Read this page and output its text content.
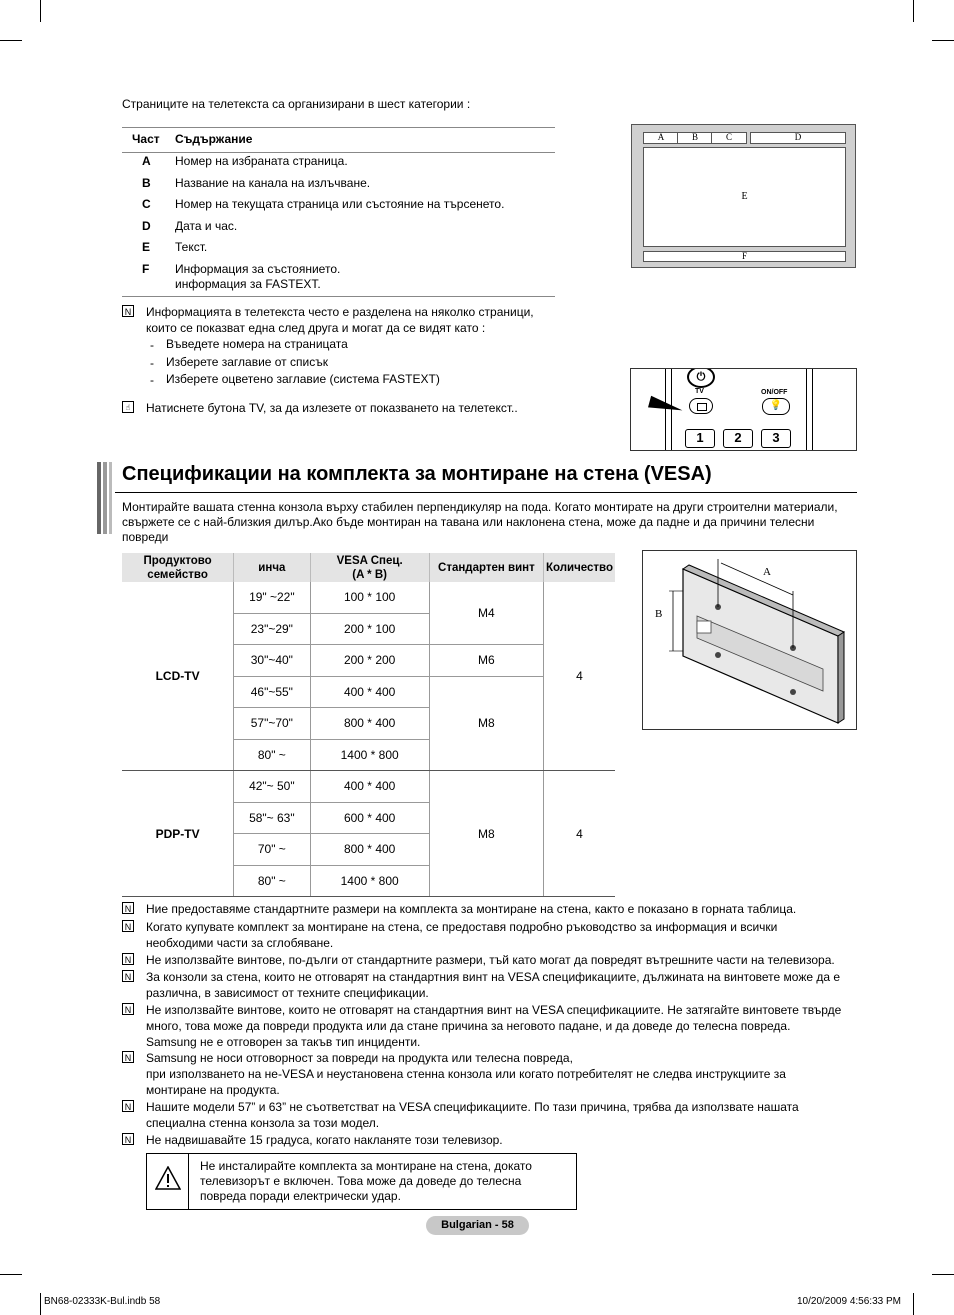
Страниците на телетекста са организирани в шест категории :
Част Съдържание
A Номер на избраната страница.
B Название на канала на излъчване.
C Номер на текущата страница или състояние на търсенето.
D Дата и час.
E Текст.
F Информация за състоянието.
информация за FASTEXT.
A	B	C	D
E
F
N Информацията в телетекста често е разделена на няколко страници,
които се показват една след друга и могат да се видят като :
- Въведете номера на страницата
- Изберете заглавие от списък
- Изберете оцветено заглавие (система FASTEXT)
☝ Натиснете бутона TV, за да излезете от показването на телетекст..
⏻
TV	ON/OFF
💡
1	2	3
Спецификации на комплекта за монтиране на стена (VESA)
Монтирайте вашата стенна конзола върху стабилен перпендикуляр на пода. Когато монтирате на други строителни материали,
свържете се с най-близкия дилър.Ако бъде монтиран на тавана или наклонена стена, може да падне и да причини телесни
повреди
Продуктово
семейство	инча	VESA Спец.
(A * B)	Стандартен винт	Количество
LCD-TV	19" ~22"	100 * 100	M4	4
	23"~29"	200 * 100		
	30"~40"	200 * 200	M6	
	46"~55"	400 * 400	M8	
	57"~70"	800 * 400		
	80" ~	1400 * 800		
PDP-TV	42"~ 50"	400 * 400	M8	4
	58"~ 63"	600 * 400		
	70" ~	800 * 400		
	80" ~	1400 * 800		
A
B
N Ние предоставяме стандартните размери на комплекта за монтиране на стена, както е показано в горната таблица.
N Когато купувате комплект за монтиране на стена, се предоставя подробно ръководство за информация и всички
необходими части за сглобяване.
N Не използвайте винтове, по-дълги от стандартните размери, тъй като могат да повредят вътрешните части на телевизора.
N За конзоли за стена, които не отговарят на стандартния винт на VESA спецификациите, дължината на винтовете може да е
различна, в зависимост от техните спецификации.
N Не използвайте винтове, които не отговарят на стандартния винт на VESA спецификациите. Не затягайте винтовете твърде
много, това може да повреди продукта или да стане причина за неговото падане, и да доведе до телесна повреда.
Samsung не е отговорен за такъв тип инциденти.
N Samsung не носи отговорност за повреди на продукта или телесна повреда,
при използването на не-VESA и неустановена стенна конзола или когато потребителят не следва инструкциите за
монтиране на продукта.
N Нашите модели 57” и 63” не съответстват на VESA спецификациите. По тази причина, трябва да използвате нашата
специална стенна конзола за този модел.
N Не надвишавайте 15 градуса, когато накланяте този телевизор.
Не инсталирайте комплекта за монтиране на стена, докато
телевизорът е включен. Това може да доведе до телесна
повреда поради електрически удар.
Bulgarian - 58
BN68-02333K-Bul.indb 58	10/20/2009 4:56:33 PM
